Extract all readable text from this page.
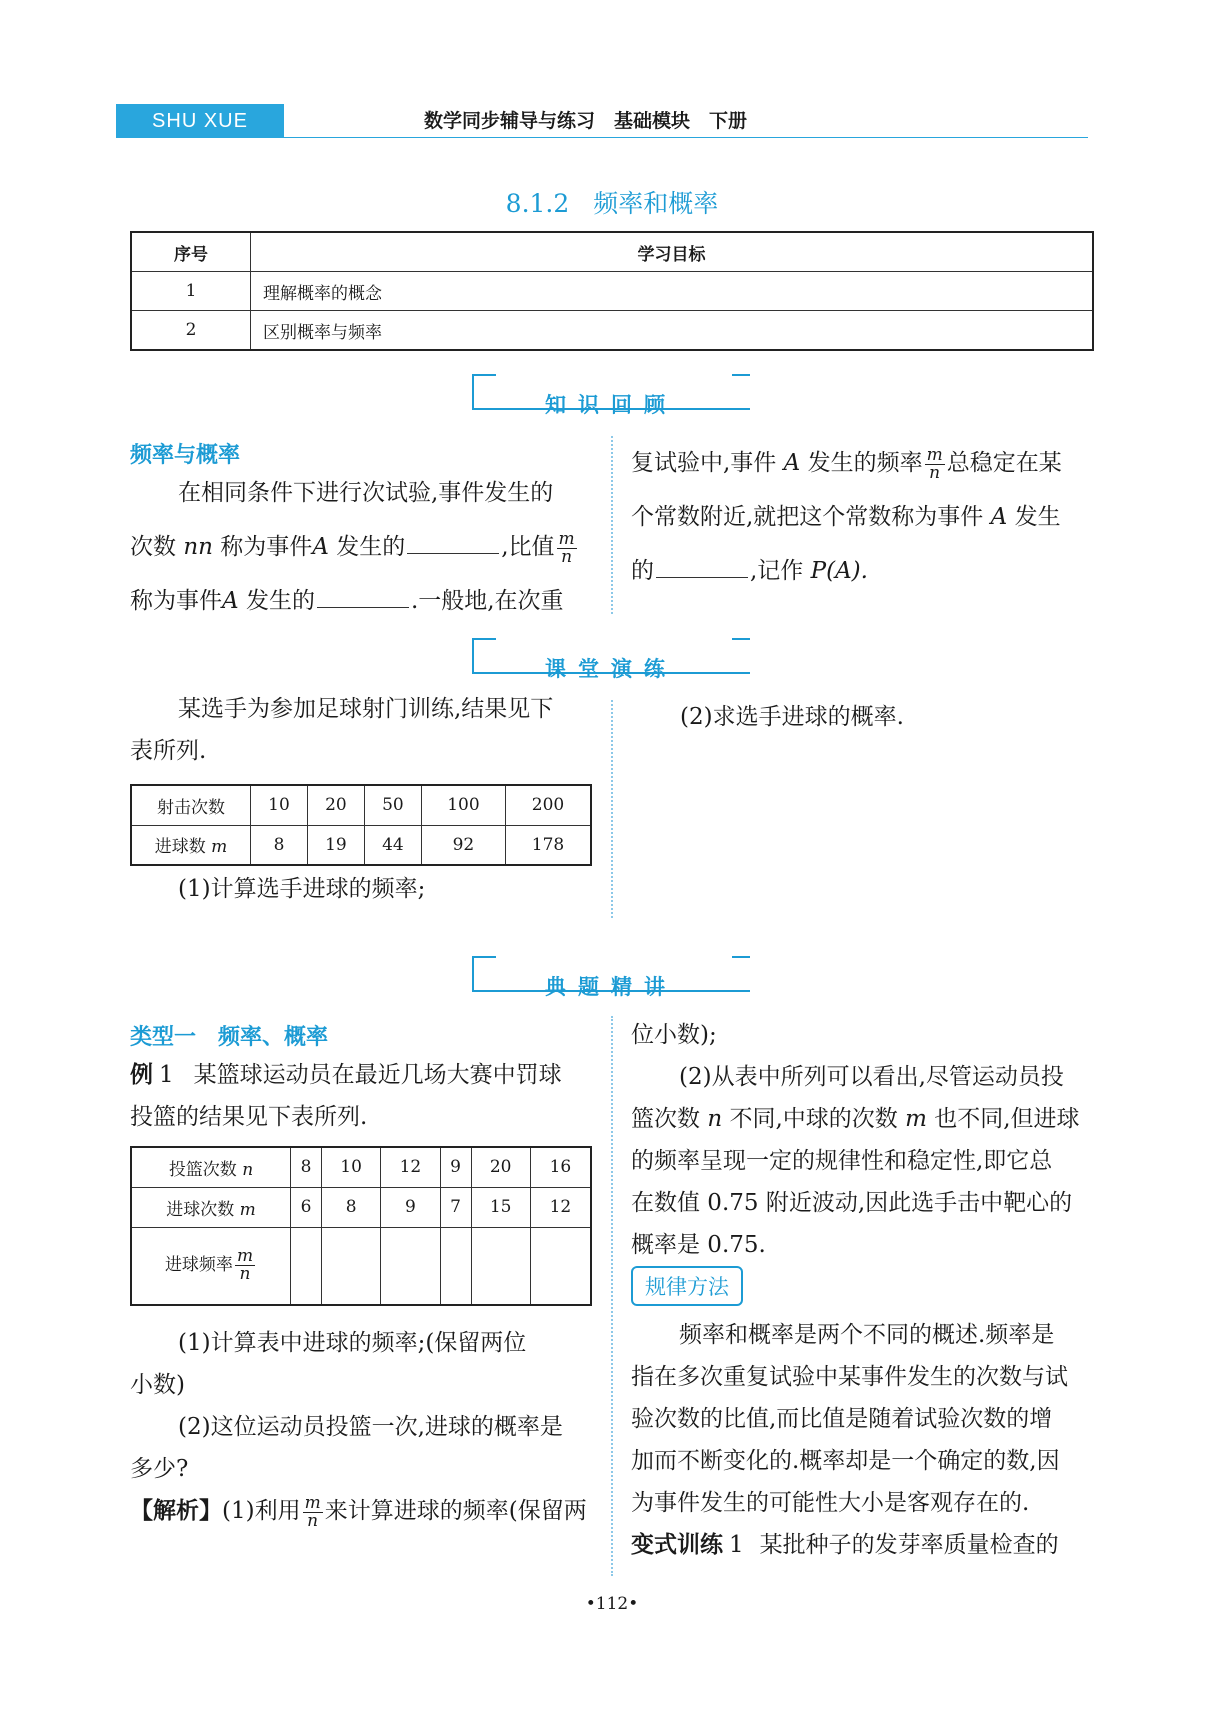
SHU XUE	数学同步辅导与练习　基础模块　下册
8.1.2 频率和概率
序号	学习目标
1	理解概率的概念
2	区别概率与频率
知识回顾
频率与概率
在相同条件下进行次试验,事件发生的
次数 nn 称为事件A 发生的	,比值 $\frac{m}{n}$
称为事件A 发生的	.一般地,在次重
复试验中,事件 A 发生的频率 $\frac{m}{n}$ 总稳定在某
个常数附近,就把这个常数称为事件 A 发生
的	,记作 P(A).
课堂演练
某选手为参加足球射门训练,结果见下
表所列.
射击次数	10	20	50	100	200
进球数 m	8	19	44	92	178
(1)计算选手进球的频率;
(2)求选手进球的概率.
典题精讲
类型一　频率、概率
例 1 某篮球运动员在最近几场大赛中罚球
投篮的结果见下表所列.
投篮次数 n	8	10	12	9	20	16
进球次数 m	6	8	9	7	15	12
进球频率 $\frac{m}{n}$

(1)计算表中进球的频率;(保留两位
小数)
(2)这位运动员投篮一次,进球的概率是
多少?
【解析】(1)利用 $\frac{m}{n}$ 来计算进球的频率(保留两
位小数);
(2)从表中所列可以看出,尽管运动员投
篮次数 n 不同,中球的次数 m 也不同,但进球
的频率呈现一定的规律性和稳定性,即它总
在数值 0.75 附近波动,因此选手击中靶心的
概率是 0.75.
规律方法
频率和概率是两个不同的概述.频率是
指在多次重复试验中某事件发生的次数与试
验次数的比值,而比值是随着试验次数的增
加而不断变化的.概率却是一个确定的数,因
为事件发生的可能性大小是客观存在的.
变式训练 1 某批种子的发芽率质量检查的
•112•
